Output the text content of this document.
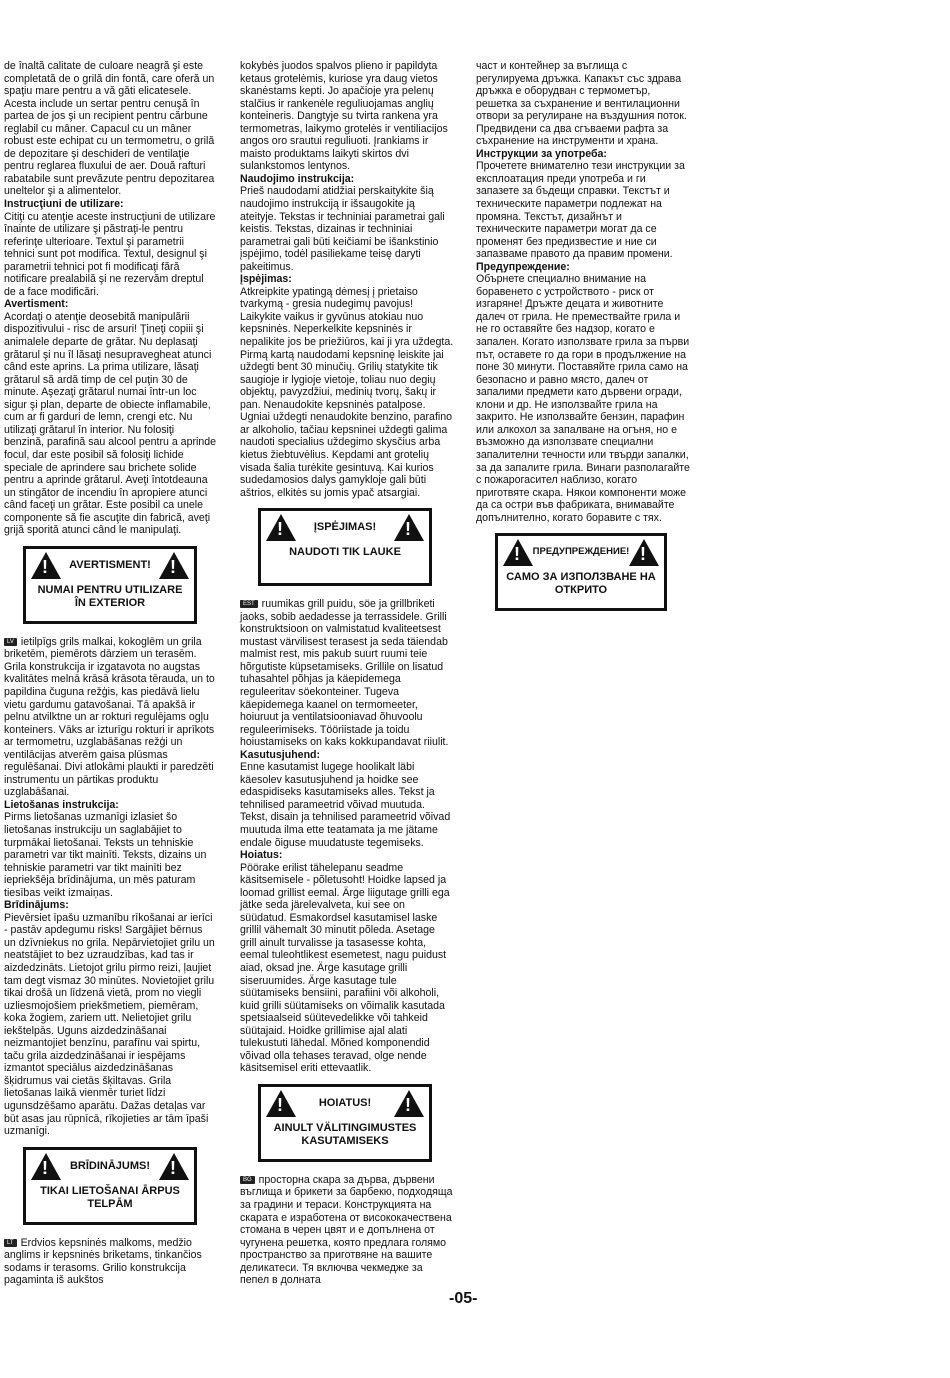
de înaltă calitate de culoare neagră şi este completată de o grilă din fontă, care oferă un spaţiu mare pentru a vă găti elicatesele. Acesta include un sertar pentru cenuşă în partea de jos şi un recipient pentru cărbune reglabil cu mâner. Capacul cu un mâner robust este echipat cu un termometru, o grilă de depozitare şi deschideri de ventilaţie pentru reglarea fluxului de aer. Două rafturi rabatabile sunt prevăzute pentru depozitarea uneltelor şi a alimentelor.

Instrucţiuni de utilizare:

Citiţi cu atenţie aceste instrucţiuni de utilizare înainte de utilizare şi păstraţi-le pentru referinţe ulterioare. Textul şi parametrii tehnici sunt pot modifica. Textul, designul şi parametrii tehnici pot fi modificaţi fără notificare prealabilă şi ne rezervăm dreptul de a face modificări.

Avertisment:

Acordaţi o atenţie deosebită manipulării dispozitivului - risc de arsuri! Ţineţi copiii şi animalele departe de grătar. Nu deplasaţi grătarul şi nu îl lăsaţi nesupravegheat atunci când este aprins. La prima utilizare, lăsaţi grătarul să ardă timp de cel puţin 30 de minute. Aşezaţi grătarul numai într-un loc sigur şi plan, departe de obiecte inflamabile, cum ar fi garduri de lemn, crengi etc. Nu utilizaţi grătarul în interior. Nu folosiţi benzină, parafină sau alcool pentru a aprinde focul, dar este posibil să folosiţi lichide speciale de aprindere sau brichete solide pentru a aprinde grătarul. Aveţi întotdeauna un stingător de incendiu în apropiere atunci când faceţi un grătar. Este posibil ca unele componente să fie ascuţite din fabrică, aveţi grijă sporită atunci când le manipulaţi.

!
!
AVERTISMENT!
NUMAI PENTRU UTILIZARE ÎN EXTERIOR

LV ietilpīgs grils malkai, kokoglēm un grila briketēm, piemērots dārziem un terasēm. Grila konstrukcija ir izgatavota no augstas kvalitātes melnā krāsā krāsota tērauda, un to papildina čuguna režģis, kas piedāvā lielu vietu gardumu gatavošanai. Tā apakšā ir pelnu atvilktne un ar rokturi regulējams ogļu konteiners. Vāks ar izturīgu rokturi ir aprīkots ar termometru, uzglabāšanas režģi un ventilācijas atverēm gaisa plūsmas regulēšanai. Divi atlokāmi plaukti ir paredzēti instrumentu un pārtikas produktu uzglabāšanai.

Lietošanas instrukcija:

Pirms lietošanas uzmanīgi izlasiet šo lietošanas instrukciju un saglabājiet to turpmākai lietošanai. Teksts un tehniskie parametri var tikt mainīti. Teksts, dizains un tehniskie parametri var tikt mainīti bez iepriekšēja brīdinājuma, un mēs paturam tiesības veikt izmaiņas.

Brīdinājums:

Pievērsiet īpašu uzmanību rīkošanai ar ierīci - pastāv apdegumu risks! Sargājiet bērnus un dzīvniekus no grila. Nepārvietojiet grilu un neatstājiet to bez uzraudzības, kad tas ir aizdedzināts. Lietojot grilu pirmo reizi, ļaujiet tam degt vismaz 30 minūtes. Novietojiet grilu tikai drošā un līdzenā vietā, prom no viegli uzliesmojošiem priekšmetiem, piemēram, koka žogiem, zariem utt. Nelietojiet grilu iekštelpās. Uguns aizdedzināšanai neizmantojiet benzīnu, parafīnu vai spirtu, taču grila aizdedzināšanai ir iespējams izmantot speciālus aizdedzināšanas šķidrumus vai cietās šķiltavas. Grila lietošanas laikā vienmēr turiet līdzi ugunsdzēšamo aparātu. Dažas detaļas var būt asas jau rūpnīcā, rīkojieties ar tām īpaši uzmanīgi.

!
!
BRĪDINĀJUMS!
TIKAI LIETOŠANAI ĀRPUS TELPĀM

LT Erdvios kepsninės malkoms, medžio anglims ir kepsninės briketams, tinkančios sodams ir terasoms. Grilio konstrukcija pagaminta iš aukštos

kokybės juodos spalvos plieno ir papildyta ketaus grotelėmis, kuriose yra daug vietos skanėstams kepti. Jo apačioje yra pelenų stalčius ir rankenėle reguliuojamas anglių konteineris. Dangtyje su tvirta rankena yra termometras, laikymo grotelės ir ventiliacijos angos oro srautui reguliuoti. Įrankiams ir maisto produktams laikyti skirtos dvi sulankstomos lentynos.

Naudojimo instrukcija:

Prieš naudodami atidžiai perskaitykite šią naudojimo instrukciją ir išsaugokite ją ateityje. Tekstas ir techniniai parametrai gali keistis. Tekstas, dizainas ir techniniai parametrai gali būti keičiami be išankstinio įspėjimo, todėl pasiliekame teisę daryti pakeitimus.

Įspėjimas:

Atkreipkite ypatingą dėmesį į prietaiso tvarkymą - gresia nudegimų pavojus! Laikykite vaikus ir gyvūnus atokiau nuo kepsninės. Neperkelkite kepsninės ir nepalikite jos be priežiūros, kai ji yra uždegta. Pirmą kartą naudodami kepsninę leiskite jai uždegti bent 30 minučių. Grilių statykite tik saugioje ir lygioje vietoje, toliau nuo degių objektų, pavyzdžiui, medinių tvorų, šakų ir pan. Nenaudokite kepsninės patalpose. Ugniai uždegti nenaudokite benzino, parafino ar alkoholio, tačiau kepsninei uždegti galima naudoti specialius uždegimo skysčius arba kietus žiebtuvėlius. Kepdami ant grotelių visada šalia turėkite gesintuvą. Kai kurios sudedamosios dalys gamykloje gali būti aštrios, elkitės su jomis ypač atsargiai.

!
!
ĮSPĖJIMAS!
NAUDOTI TIK LAUKE

EST ruumikas grill puidu, söe ja grillbriketi jaoks, sobib aedadesse ja terrassidele. Grilli konstruktsioon on valmistatud kvaliteetsest mustast värvilisest terasest ja seda täiendab malmist rest, mis pakub suurt ruumi teie hõrgutiste küpsetamiseks. Grillile on lisatud tuhasahtel põhjas ja käepidemega reguleeritav söekonteiner. Tugeva käepidemega kaanel on termomeeter, hoiuruut ja ventilatsiooniavad õhuvoolu reguleerimiseks. Tööriistade ja toidu hoiustamiseks on kaks kokkupandavat riiulit.

Kasutusjuhend:

Enne kasutamist lugege hoolikalt läbi käesolev kasutusjuhend ja hoidke see edaspidiseks kasutamiseks alles. Tekst ja tehnilised parameetrid võivad muutuda. Tekst, disain ja tehnilised parameetrid võivad muutuda ilma ette teatamata ja me jätame endale õiguse muudatuste tegemiseks.

Hoiatus:

Pöörake erilist tähelepanu seadme käsitsemisele - põletusoht! Hoidke lapsed ja loomad grillist eemal. Ärge liigutage grilli ega jätke seda järelevalveta, kui see on süüdatud. Esmakordsel kasutamisel laske grillil vähemalt 30 minutit põleda. Asetage grill ainult turvalisse ja tasasesse kohta, eemal tuleohtlikest esemetest, nagu puidust aiad, oksad jne. Ärge kasutage grilli siseruumides. Ärge kasutage tule süütamiseks bensiini, parafiini või alkoholi, kuid grilli süütamiseks on võimalik kasutada spetsiaalseid süütevedelikke või tahkeid süütajaid. Hoidke grillimise ajal alati tulekustuti lähedal. Mõned komponendid võivad olla tehases teravad, olge nende käsitsemisel eriti ettevaatlik.

!
!
HOIATUS!
AINULT VÄLITINGIMUSTES KASUTAMISEKS

BG просторна скара за дърва, дървени въглища и брикети за барбекю, подходяща за градини и тераси. Конструкцията на скарата е изработена от висококачествена стомана в черен цвят и е допълнена от чугунена решетка, която предлага голямо пространство за приготвяне на вашите деликатеси. Тя включва чекмедже за пепел в долната

част и контейнер за въглища с регулируема дръжка. Капакът със здрава дръжка е оборудван с термометър, решетка за съхранение и вентилационни отвори за регулиране на въздушния поток. Предвидени са два сгъваеми рафта за съхранение на инструменти и храна.

Инструкции за употреба:

Прочетете внимателно тези инструкции за експлоатация преди употреба и ги запазете за бъдещи справки. Текстът и техническите параметри подлежат на промяна. Текстът, дизайнът и техническите параметри могат да се променят без предизвестие и ние си запазваме правото да правим промени.

Предупреждение:

Обърнете специално внимание на боравенето с устройството - риск от изгаряне! Дръжте децата и животните далеч от грила. Не премествайте грила и не го оставяйте без надзор, когато е запален. Когато използвате грила за първи път, оставете го да гори в продължение на поне 30 минути. Поставяйте грила само на безопасно и равно място, далеч от запалими предмети като дървени огради, клони и др. Не използвайте грила на закрито. Не използвайте бензин, парафин или алкохол за запалване на огъня, но е възможно да използвате специални запалителни течности или твърди запалки, за да запалите грила. Винаги разполагайте с пожарогасител наблизо, когато приготвяте скара. Някои компоненти може да са остри във фабриката, внимавайте допълнително, когато боравите с тях.

!
!
ПРЕДУПРЕЖДЕНИЕ!
САМО ЗА ИЗПОЛЗВАНЕ НА ОТКРИТО
-05-
